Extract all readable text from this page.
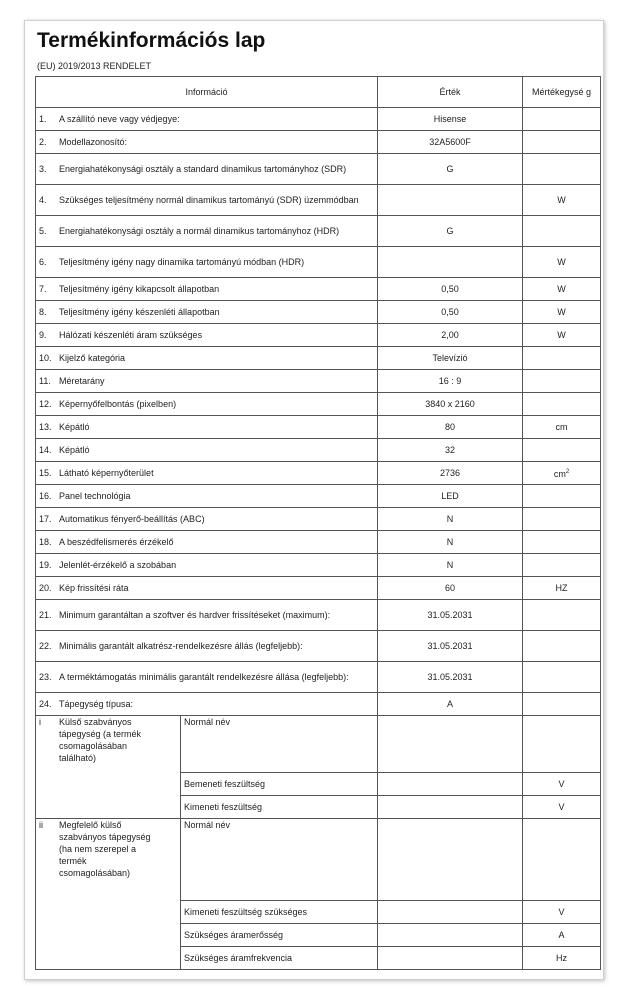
Termékinformációs lap
(EU) 2019/2013 RENDELET
Információ		Érték	Mértékegysé g
1. A szállító neve vagy védjegye:		Hisense	
2. Modellazonosító:		32A5600F	
3. Energiahatékonysági osztály a standard dinamikus tartományhoz (SDR)		G	
4. Szükséges teljesítmény normál dinamikus tartományú (SDR) üzemmódban			W
5. Energiahatékonysági osztály a normál dinamikus tartományhoz (HDR)		G	
6. Teljesítmény igény nagy dinamika tartományú módban (HDR)			W
7. Teljesítmény igény kikapcsolt állapotban		0,50	W
8. Teljesítmény igény készenléti állapotban		0,50	W
9. Hálózati készenléti áram szükséges		2,00	W
10. Kijelző kategória		Televízió	
11. Méretarány		16 : 9	
12. Képernyőfelbontás (pixelben)		3840 x 2160	
13. Képátló		80	cm
14. Képátló		32	
15. Látható képernyőterület		2736	$cm^2$
16. Panel technológia		LED	
17. Automatikus fényerő-beállítás (ABC)		N	
18. A beszédfelismerés érzékelő		N	
19. Jelenlét-érzékelő a szobában		N	
20. Kép frissítési ráta		60	HZ
21. Minimum garantáltan a szoftver és hardver frissítéseket (maximum):		31.05.2031	
22. Minimális garantált alkatrész-rendelkezésre állás (legfeljebb):		31.05.2031	
23. A terméktámogatás minimális garantált rendelkezésre állása (legfeljebb):		31.05.2031	
24. Tápegység típusa:		A	
i Külső szabványos tápegység (a termék csomagolásában található)	Normál név		
	Bemeneti feszültség		V
	Kimeneti feszültség		V
ii Megfelelő külső szabványos tápegység (ha nem szerepel a termék csomagolásában)	Normál név		
	Kimeneti feszültség szükséges		V
	Szükséges áramerősség		A
	Szükséges áramfrekvencia		Hz
